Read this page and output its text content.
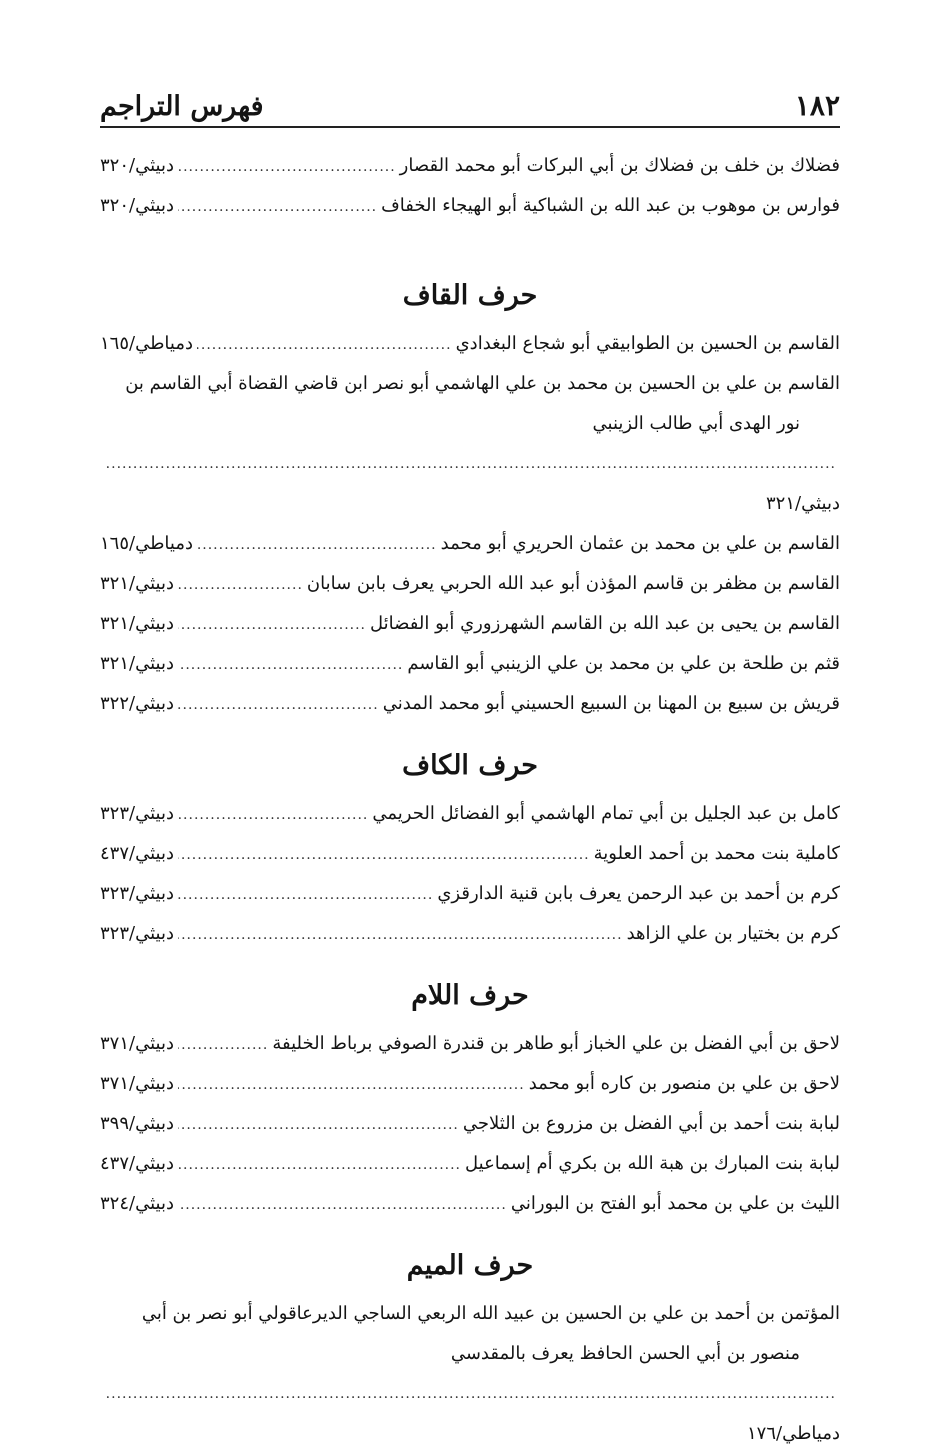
١٨٢
فهرس التراجم
فضلاك بن خلف بن فضلاك بن أبي البركات أبو محمد القصار
.....
دبيثي/٣٢٠
فوارس بن موهوب بن عبد الله بن الشباكية أبو الهيجاء الخفاف
.....
دبيثي/٣٢٠
حرف القاف
القاسم بن الحسين بن الطوابيقي أبو شجاع البغدادي
.....
دمياطي/١٦٥
القاسم بن علي بن الحسين بن محمد بن علي الهاشمي أبو نصر ابن قاضي القضاة أبي القاسم بن
نور الهدى أبي طالب الزينبي
.....
دبيثي/٣٢١
القاسم بن علي بن محمد بن عثمان الحريري أبو محمد
.....
دمياطي/١٦٥
القاسم بن مظفر بن قاسم المؤذن أبو عبد الله الحربي يعرف بابن سابان
.....
دبيثي/٣٢١
القاسم بن يحيى بن عبد الله بن القاسم الشهرزوري أبو الفضائل
.....
دبيثي/٣٢١
قثم بن طلحة بن علي بن محمد بن علي الزينبي أبو القاسم
.....
دبيثي/٣٢١
قريش بن سبيع بن المهنا بن السبيع الحسيني أبو محمد المدني
.....
دبيثي/٣٢٢
حرف الكاف
كامل بن عبد الجليل بن أبي تمام الهاشمي أبو الفضائل الحريمي
.....
دبيثي/٣٢٣
كاملية بنت محمد بن أحمد العلوية
.....
دبيثي/٤٣٧
كرم بن أحمد بن عبد الرحمن يعرف بابن قنية الدارقزي
.....
دبيثي/٣٢٣
كرم بن بختيار بن علي الزاهد
.....
دبيثي/٣٢٣
حرف اللام
لاحق بن أبي الفضل بن علي الخباز أبو طاهر بن قندرة الصوفي برباط الخليفة
.....
دبيثي/٣٧١
لاحق بن علي بن منصور بن كاره أبو محمد
.....
دبيثي/٣٧١
لبابة بنت أحمد بن أبي الفضل بن مزروع بن الثلاجي
.....
دبيثي/٣٩٩
لبابة بنت المبارك بن هبة الله بن بكري أم إسماعيل
.....
دبيثي/٤٣٧
الليث بن علي بن محمد أبو الفتح بن البوراني
.....
دبيثي/٣٢٤
حرف الميم
المؤتمن بن أحمد بن علي بن الحسين بن عبيد الله الربعي الساجي الديرعاقولي أبو نصر بن أبي
منصور بن أبي الحسن الحافظ يعرف بالمقدسي
.....
دمياطي/١٧٦
